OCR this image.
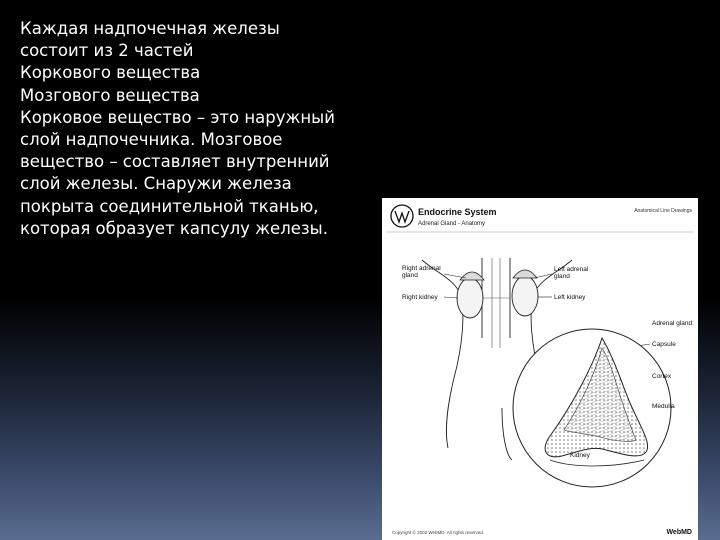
Каждая надпочечная железы
состоит из 2 частей
Коркового вещества
Мозгового вещества
Корковое вещество – это наружный
слой надпочечника. Мозговое
вещество – составляет внутренний
слой железы. Снаружи железа
покрыта соединительной тканью,
которая образует капсулу железы.
Endocrine System
Adrenal Gland - Anatomy
Anatomical Line Drawings
Right adrenal
gland
Right kidney
Left adrenal
gland
Left kidney
Adrenal gland:
Capsule
Cortex
Medulla
Kidney
Copyright © 2002 WebMD. All rights reserved.	WebMD
